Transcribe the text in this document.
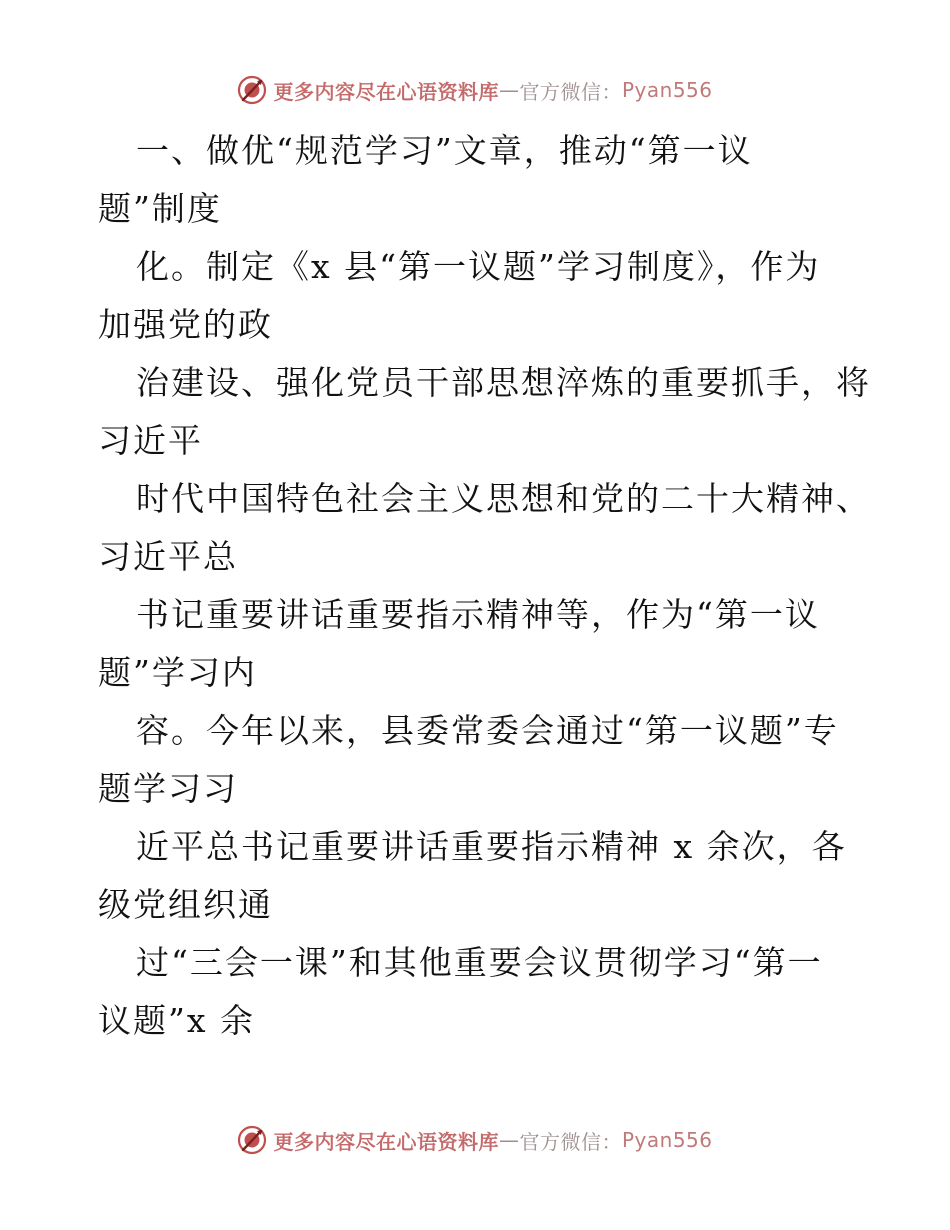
更多内容尽在心语资料库 — 官方微信： Pyan556
一、做优“规范学习”文章，推动“第一议
题”制度
化。制定《x 县“第一议题”学习制度》，作为
加强党的政
治建设、强化党员干部思想淬炼的重要抓手，将
习近平
时代中国特色社会主义思想和党的二十大精神、
习近平总
书记重要讲话重要指示精神等，作为“第一议
题”学习内
容。今年以来，县委常委会通过“第一议题”专
题学习习
近平总书记重要讲话重要指示精神 x 余次，各
级党组织通
过“三会一课”和其他重要会议贯彻学习“第一
议题”x 余
更多内容尽在心语资料库 — 官方微信： Pyan556
